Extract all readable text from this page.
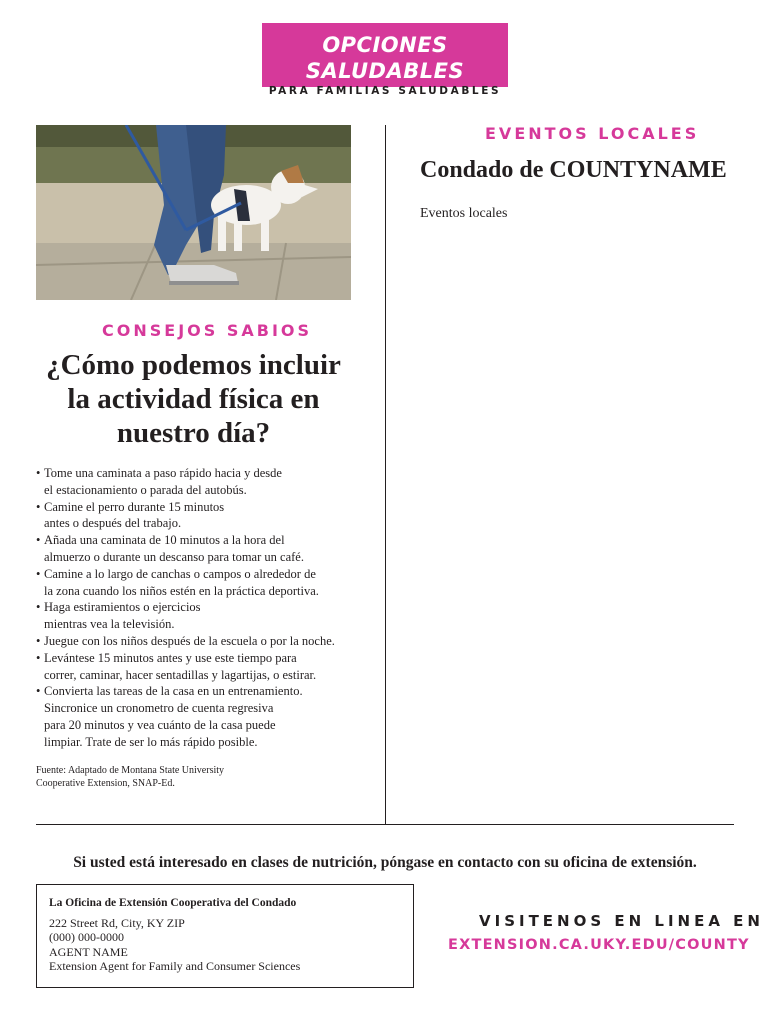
OPCIONES SALUDABLES
PARA FAMILIAS SALUDABLES
EVENTOS LOCALES
Condado de COUNTYNAME
Eventos locales
CONSEJOS SABIOS
¿Cómo podemos incluir la actividad física en nuestro día?
• Tome una caminata a paso rápido hacia y desde
el estacionamiento o parada del autobús.
• Camine el perro durante 15 minutos
antes o después del trabajo.
• Añada una caminata de 10 minutos a la hora del
almuerzo o durante un descanso para tomar un café.
• Camine a lo largo de canchas o campos o alrededor de
la zona cuando los niños estén en la práctica deportiva.
• Haga estiramientos o ejercicios
mientras vea la televisión.
• Juegue con los niños después de la escuela o por la noche.
• Levántese 15 minutos antes y use este tiempo para
correr, caminar, hacer sentadillas y lagartijas, o estirar.
• Convierta las tareas de la casa en un entrenamiento.
Sincronice un cronometro de cuenta regresiva
para 20 minutos y vea cuánto de la casa puede
limpiar. Trate de ser lo más rápido posible.
Fuente: Adaptado de Montana State University
Cooperative Extension, SNAP-Ed.
Si usted está interesado en clases de nutrición, póngase en contacto con su oficina de extensión.
La Oficina de Extensión Cooperativa del Condado
222 Street Rd, City, KY ZIP
(000) 000-0000
AGENT NAME
Extension Agent for Family and Consumer Sciences
VISITENOS EN LINEA EN
EXTENSION.CA.UKY.EDU/COUNTY
